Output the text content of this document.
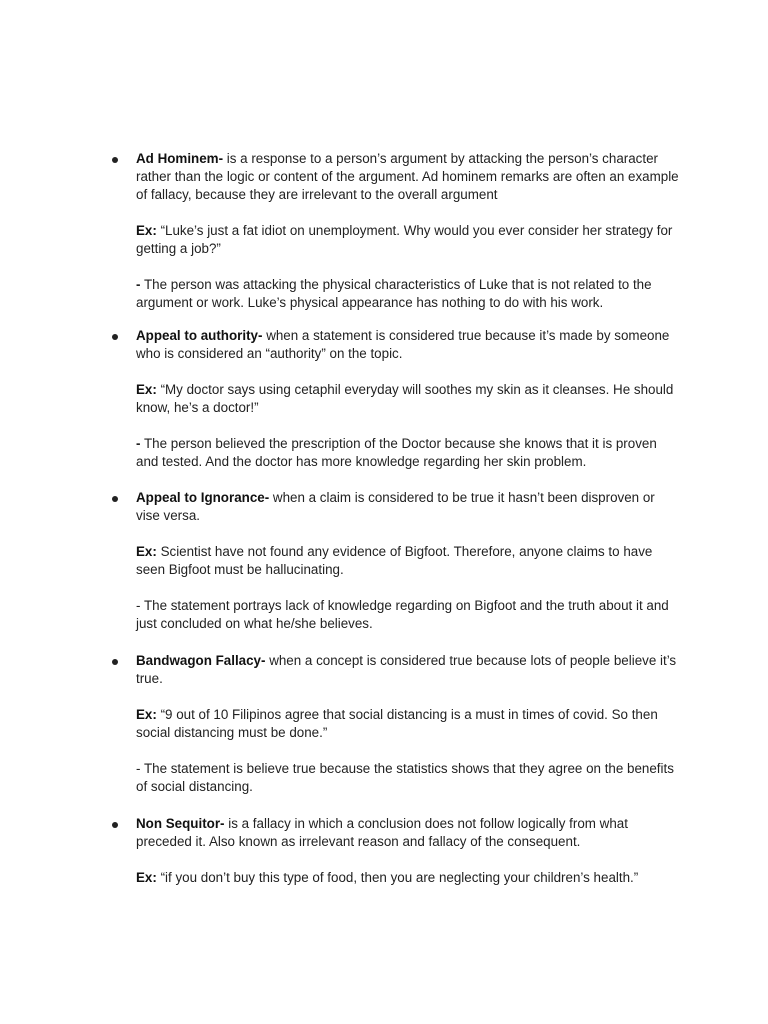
Ad Hominem- is a response to a person’s argument by attacking the person’s character rather than the logic or content of the argument. Ad hominem remarks are often an example of fallacy, because they are irrelevant to the overall argument
Ex: “Luke’s just a fat idiot on unemployment. Why would you ever consider her strategy for getting a job?”
- The person was attacking the physical characteristics of Luke that is not related to the argument or work. Luke’s physical appearance has nothing to do with his work.
Appeal to authority- when a statement is considered true because it’s made by someone who is considered an “authority” on the topic.
Ex: “My doctor says using cetaphil everyday will soothes my skin as it cleanses. He should know, he’s a doctor!”
- The person believed the prescription of the Doctor because she knows that it is proven and tested. And the doctor has more knowledge regarding her skin problem.
Appeal to Ignorance- when a claim is considered to be true it hasn’t been disproven or vise versa.
Ex: Scientist have not found any evidence of Bigfoot. Therefore, anyone claims to have seen Bigfoot must be hallucinating.
- The statement portrays lack of knowledge regarding on Bigfoot and the truth about it and just concluded on what he/she believes.
Bandwagon Fallacy- when a concept is considered true because lots of people believe it’s true.
Ex: “9 out of 10 Filipinos agree that social distancing is a must in times of covid. So then social distancing must be done.”
- The statement is believe true because the statistics shows that they agree on the benefits of social distancing.
Non Sequitor- is a fallacy in which a conclusion does not follow logically from what preceded it. Also known as irrelevant reason and fallacy of the consequent.
Ex: “if you don’t buy this type of food, then you are neglecting your children’s health.”
